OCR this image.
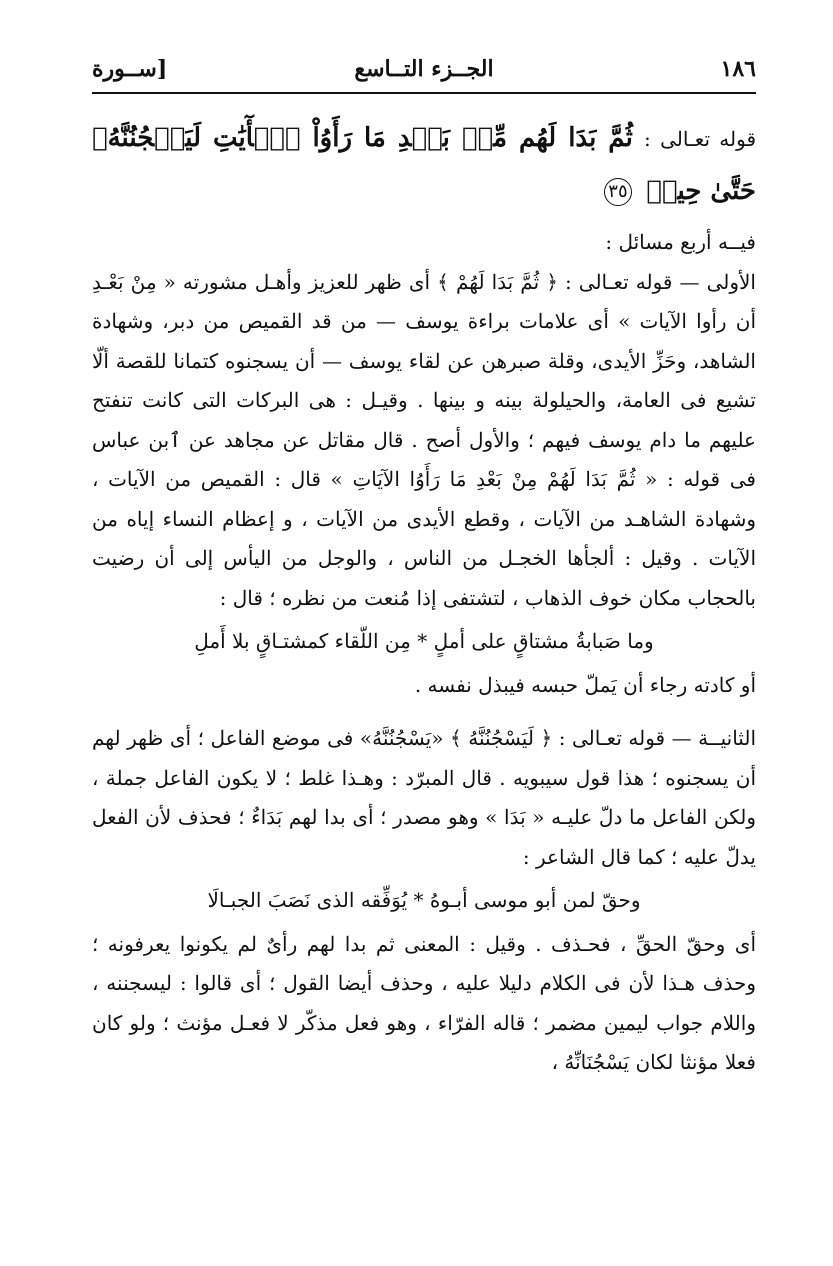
١٨٦
الجــزء التــاسع
[ســورة

قوله تعـالى : ثُمَّ بَدَا لَهُم مِّنۢ بَعۡدِ مَا رَأَوُاْ ٱلۡأٓيَٰتِ لَيَسۡجُنُنَّهُۥ حَتَّىٰ حِينٖ ٣٥

فيــه أربع مسائل :

الأولى — قوله تعـالى : ﴿ ثُمَّ بَدَا لَهُمْ ﴾ أى ظهر للعزيز وأهـل مشورته « مِنْ بَعْـدِ أن رأوا الآيات » أى علامات براءة يوسف — من قد القميص من دبر، وشهادة الشاهد، وحَزِّ الأيدى، وقلة صبرهن عن لقاء يوسف — أن يسجنوه كتمانا للقصة ألّا تشيع فى العامة، والحيلولة بينه و بينها . وقيـل : هى البركات التى كانت تنفتح عليهم ما دام يوسف فيهم ؛ والأول أصح . قال مقاتل عن مجاهد عن ٱبن عباس فى قوله : « ثُمَّ بَدَا لَهُمْ مِنْ بَعْدِ مَا رَأَوُا الآيَاتِ » قال : القميص من الآيات ، وشهادة الشاهـد من الآيات ، وقطع الأيدى من الآيات ، و إعظام النساء إياه من الآيات . وقيل : ألجأها الخجـل من الناس ، والوجل من اليأس إلى أن رضيت بالحجاب مكان خوف الذهاب ، لتشتفى إذا مُنعت من نظره ؛ قال :

وما صَبابةُ مشتاقٍ على أملٍ * مِن اللّقاء كمشتـاقٍ بلا أَملِ

أو كادته رجاء أن يَملّ حبسه فيبذل نفسه .

الثانيــة — قوله تعـالى : ﴿ لَيَسْجُنُنَّهُ ﴾ «يَسْجُنُنَّهُ» فى موضع الفاعل ؛ أى ظهر لهم أن يسجنوه ؛ هذا قول سيبويه . قال المبرّد : وهـذا غلط ؛ لا يكون الفاعل جملة ، ولكن الفاعل ما دلّ عليـه « بَدَا » وهو مصدر ؛ أى بدا لهم بَدَاءٌ ؛ فحذف لأن الفعل يدلّ عليه ؛ كما قال الشاعر :

وحقّ لمن أبو موسى أبـوهُ * يُوَفِّقه الذى نَصَبَ الجبـالَا

أى وحقّ الحقِّ ، فحـذف . وقيل : المعنى ثم بدا لهم رأىٌ لم يكونوا يعرفونه ؛ وحذف هـذا لأن فى الكلام دليلا عليه ، وحذف أيضا القول ؛ أى قالوا : ليسجننه ، واللام جواب ليمين مضمر ؛ قاله الفرّاء ، وهو فعل مذكّر لا فعـل مؤنث ؛ ولو كان فعلا مؤنثا لكان يَسْجُنَانِّهُ ،
